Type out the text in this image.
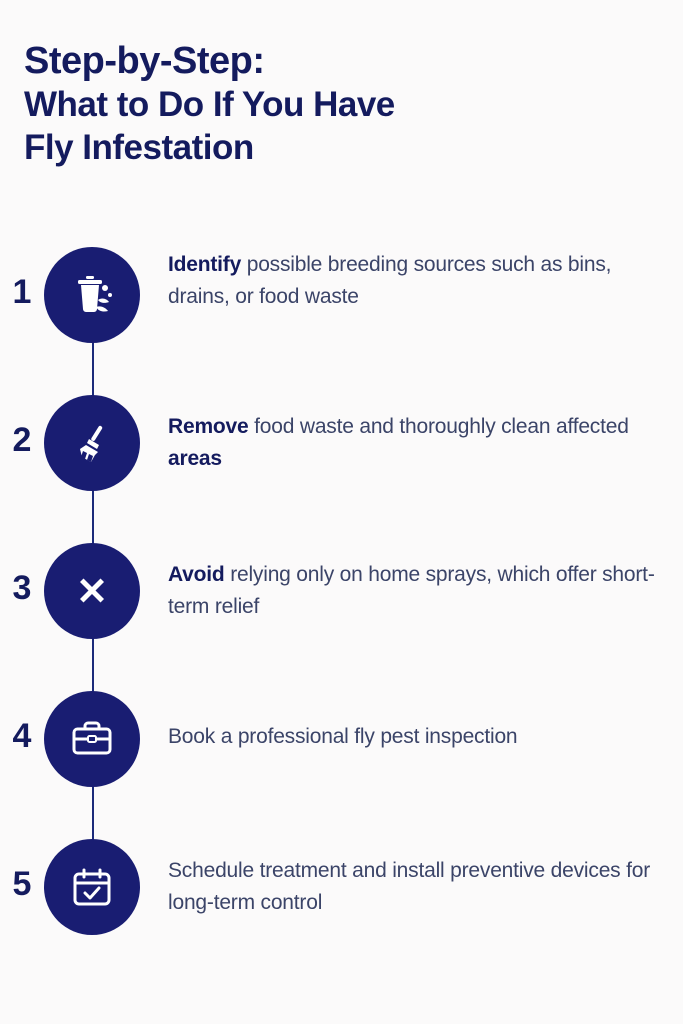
Step-by-Step:
What to Do If You Have
Fly Infestation
1
Identify possible breeding sources such as bins, drains, or food waste
2	Remove food waste and thoroughly clean affected areas
3	Avoid relying only on home sprays, which offer short-term relief
4	Book a professional fly pest inspection
5	Schedule treatment and install preventive devices for long-term control
